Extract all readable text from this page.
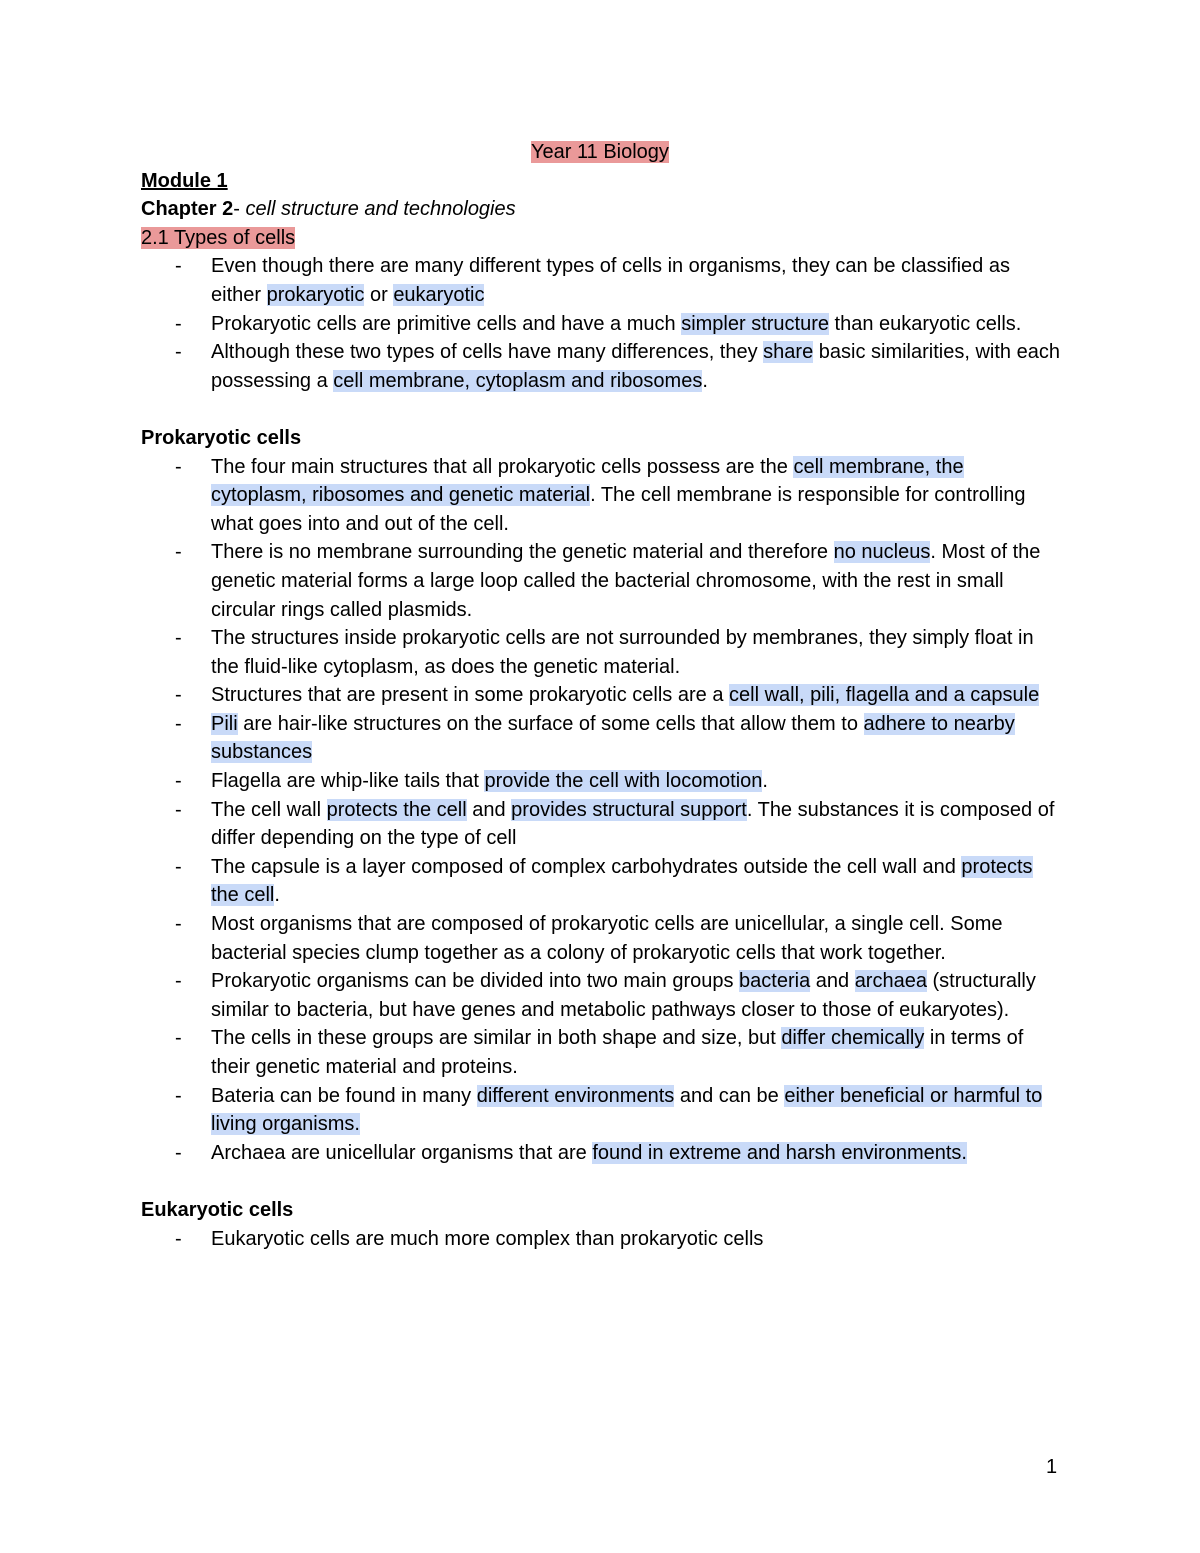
Year 11 Biology
Module 1
Chapter 2- cell structure and technologies
2.1 Types of cells
- Even though there are many different types of cells in organisms, they can be classified as either prokaryotic or eukaryotic
- Prokaryotic cells are primitive cells and have a much simpler structure than eukaryotic cells.
- Although these two types of cells have many differences, they share basic similarities, with each possessing a cell membrane, cytoplasm and ribosomes.
Prokaryotic cells
- The four main structures that all prokaryotic cells possess are the cell membrane, the cytoplasm, ribosomes and genetic material. The cell membrane is responsible for controlling what goes into and out of the cell.
- There is no membrane surrounding the genetic material and therefore no nucleus. Most of the genetic material forms a large loop called the bacterial chromosome, with the rest in small circular rings called plasmids.
- The structures inside prokaryotic cells are not surrounded by membranes, they simply float in the fluid-like cytoplasm, as does the genetic material.
- Structures that are present in some prokaryotic cells are a cell wall, pili, flagella and a capsule
- Pili are hair-like structures on the surface of some cells that allow them to adhere to nearby substances
- Flagella are whip-like tails that provide the cell with locomotion.
- The cell wall protects the cell and provides structural support. The substances it is composed of differ depending on the type of cell
- The capsule is a layer composed of complex carbohydrates outside the cell wall and protects the cell.
- Most organisms that are composed of prokaryotic cells are unicellular, a single cell. Some bacterial species clump together as a colony of prokaryotic cells that work together.
- Prokaryotic organisms can be divided into two main groups bacteria and archaea (structurally similar to bacteria, but have genes and metabolic pathways closer to those of eukaryotes).
- The cells in these groups are similar in both shape and size, but differ chemically in terms of their genetic material and proteins.
- Bateria can be found in many different environments and can be either beneficial or harmful to living organisms.
- Archaea are unicellular organisms that are found in extreme and harsh environments.
Eukaryotic cells
- Eukaryotic cells are much more complex than prokaryotic cells
1
